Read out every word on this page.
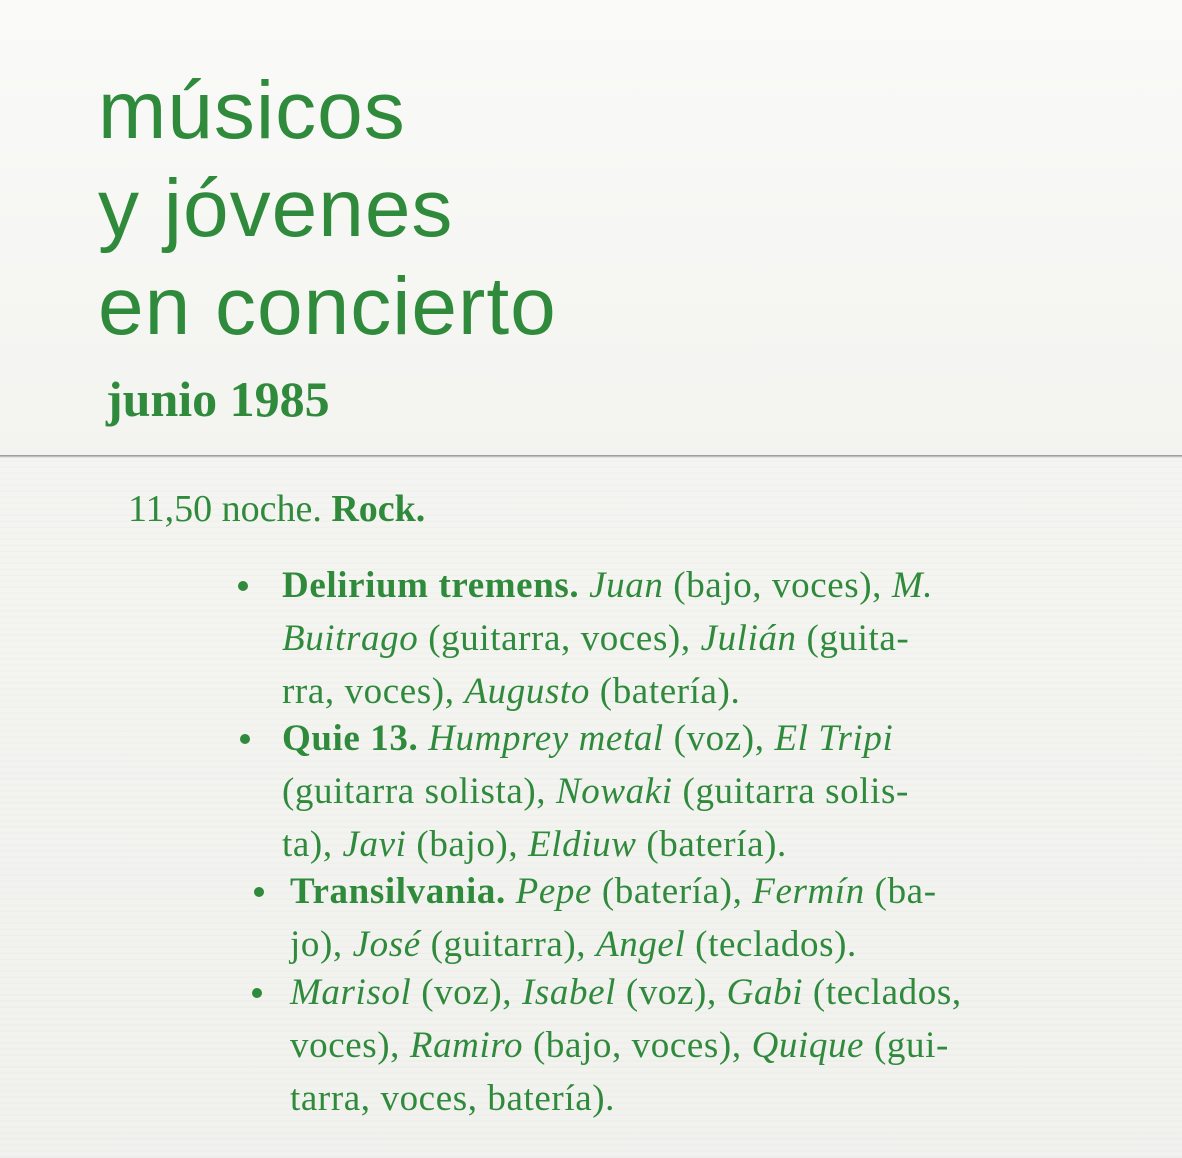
músicos
y jóvenes
en concierto
junio 1985
11,50 noche. Rock.
Delirium tremens. Juan (bajo, voces), M.
Buitrago (guitarra, voces), Julián (guita-
rra, voces), Augusto (batería).
Quie 13. Humprey metal (voz), El Tripi
(guitarra solista), Nowaki (guitarra solis-
ta), Javi (bajo), Eldiuw (batería).
Transilvania. Pepe (batería), Fermín (ba-
jo), José (guitarra), Angel (teclados).
Marisol (voz), Isabel (voz), Gabi (teclados,
voces), Ramiro (bajo, voces), Quique (gui-
tarra, voces, batería).
